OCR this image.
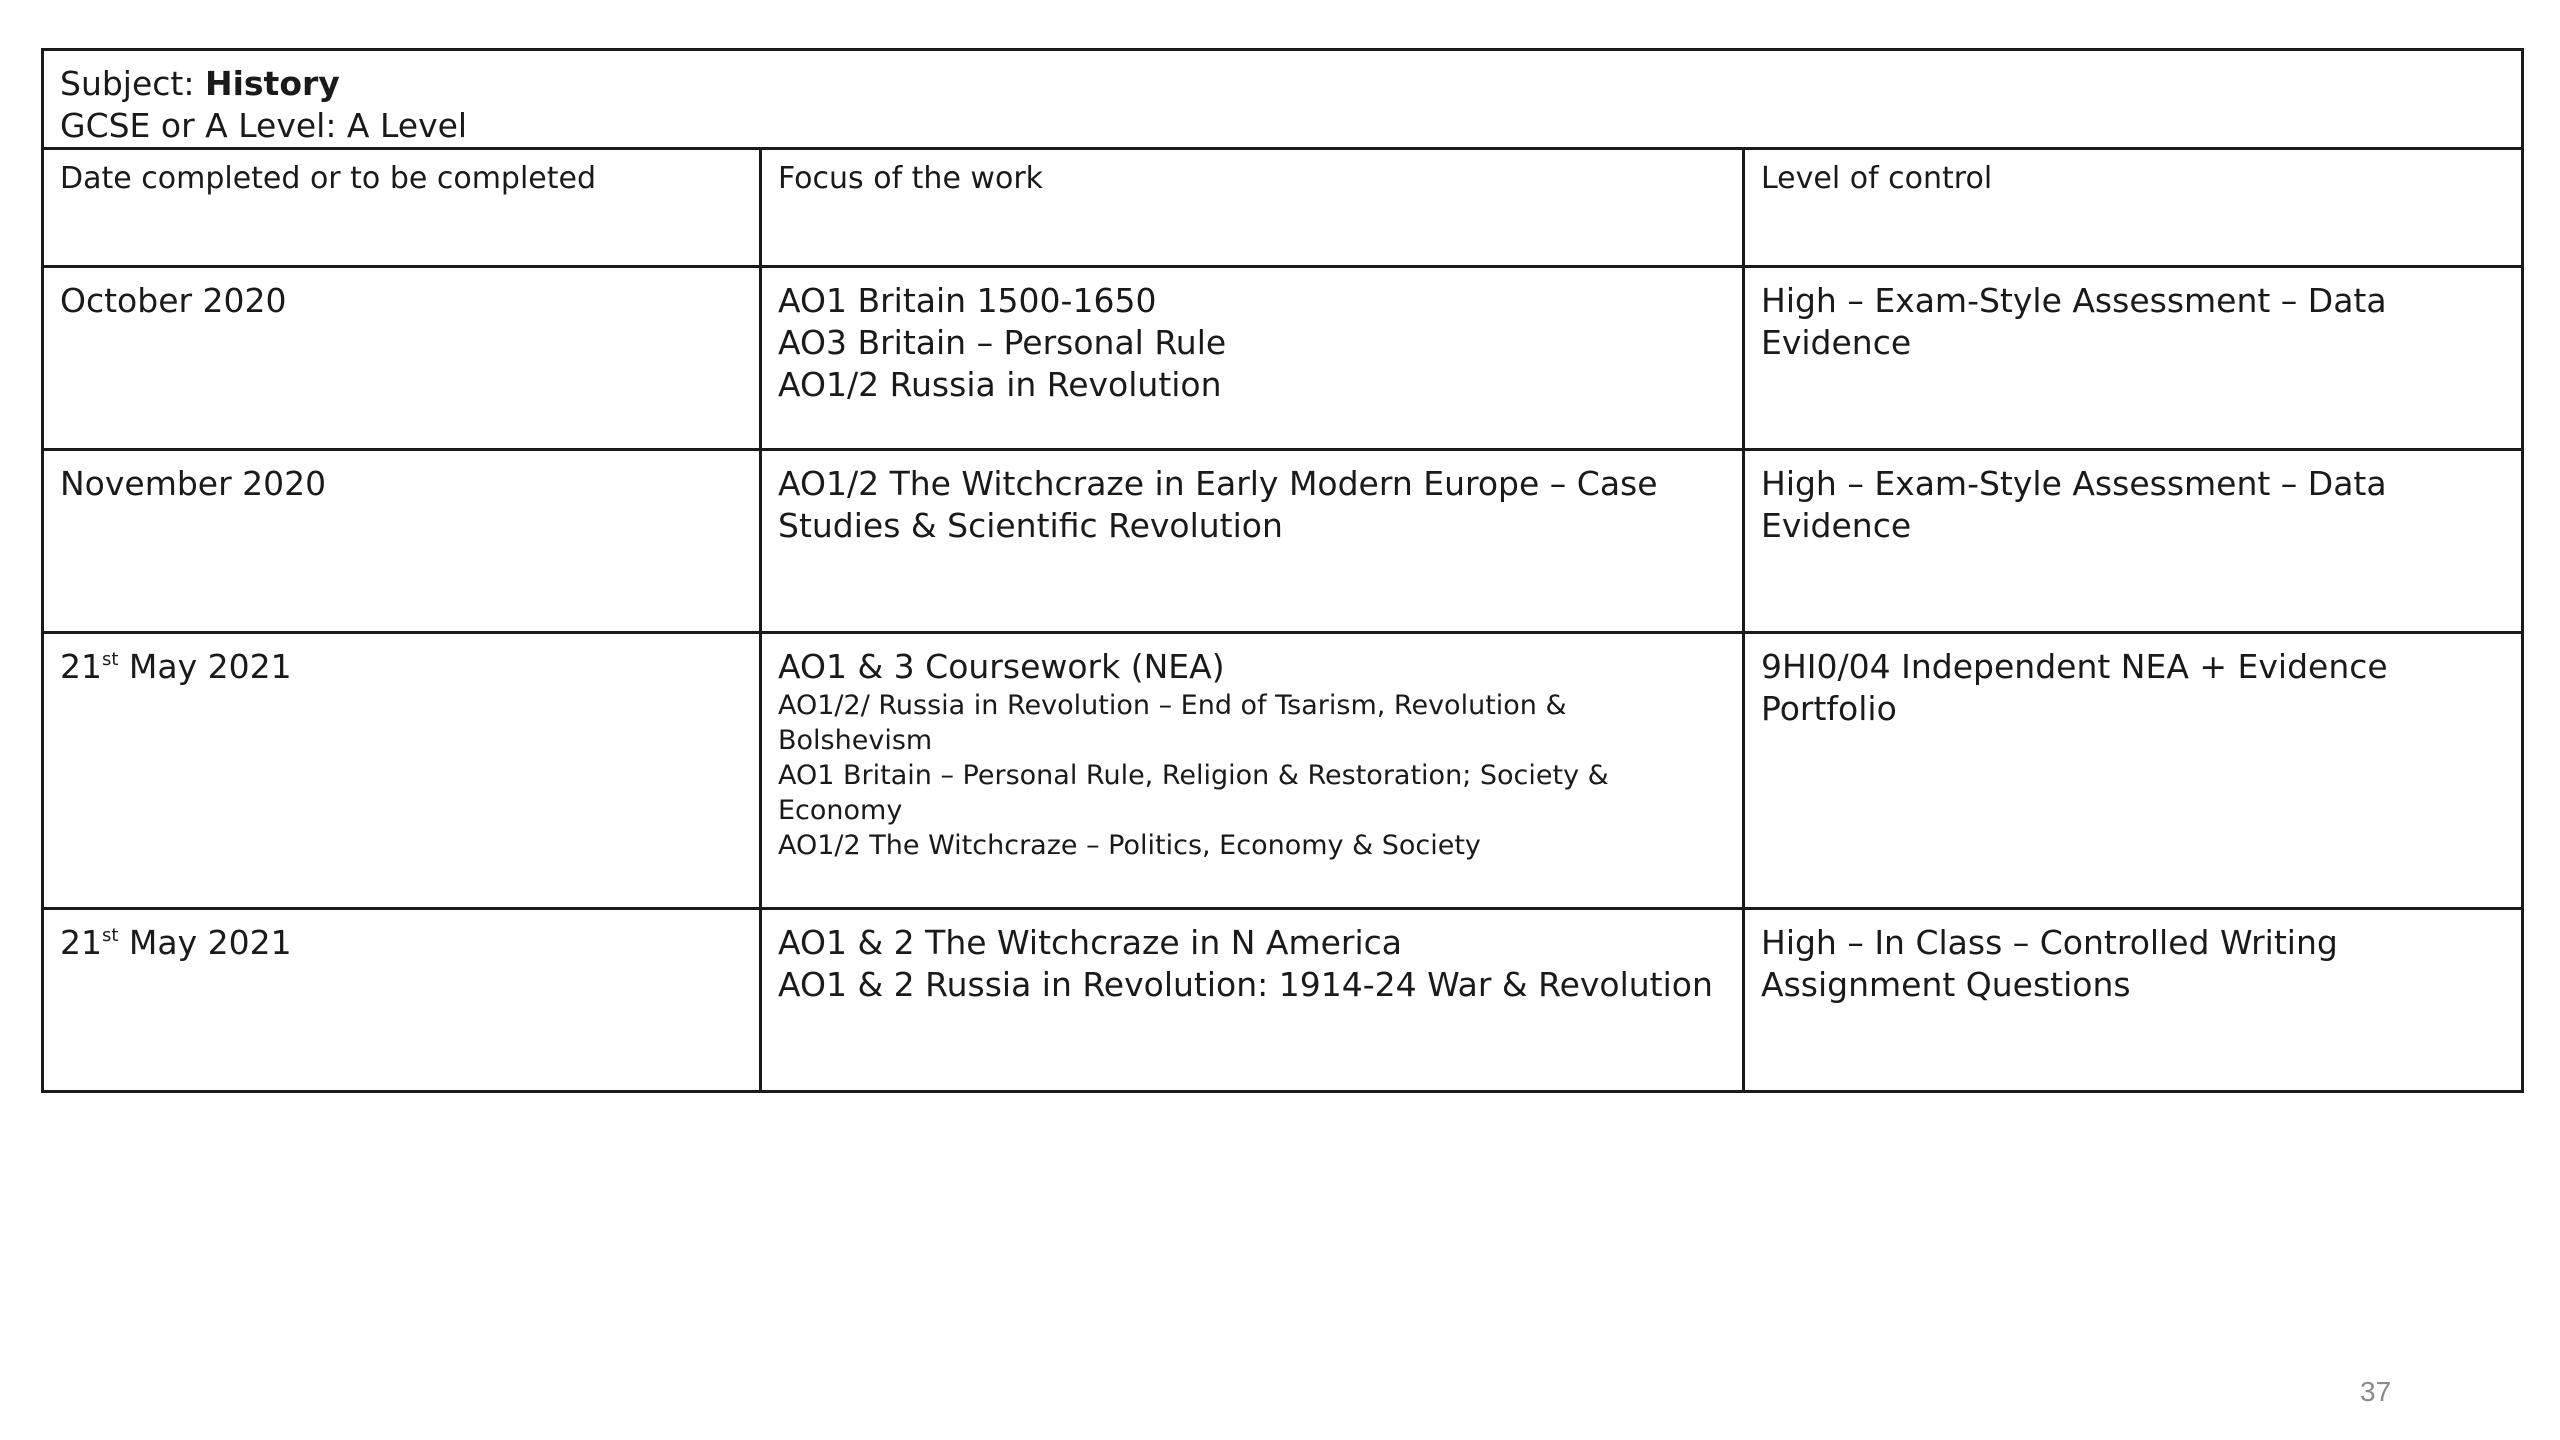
Subject: History
GCSE or A Level: A Level		

Date completed or to be completed	Focus of the work	Level of control
October 2020	AO1 Britain 1500-1650
AO3 Britain – Personal Rule
AO1/2 Russia in Revolution	High – Exam-Style Assessment – Data Evidence
November 2020	AO1/2 The Witchcraze in Early Modern Europe – Case Studies & Scientific Revolution	High – Exam-Style Assessment – Data Evidence
21st May 2021	AO1 & 3 Coursework (NEA)
AO1/2/ Russia in Revolution – End of Tsarism, Revolution & Bolshevism
AO1 Britain – Personal Rule, Religion & Restoration; Society & Economy
AO1/2 The Witchcraze – Politics, Economy & Society	9HI0/04 Independent NEA + Evidence Portfolio
21st May 2021	AO1 & 2 The Witchcraze in N America
AO1 & 2 Russia in Revolution: 1914-24 War & Revolution	High – In Class – Controlled Writing Assignment Questions
37
